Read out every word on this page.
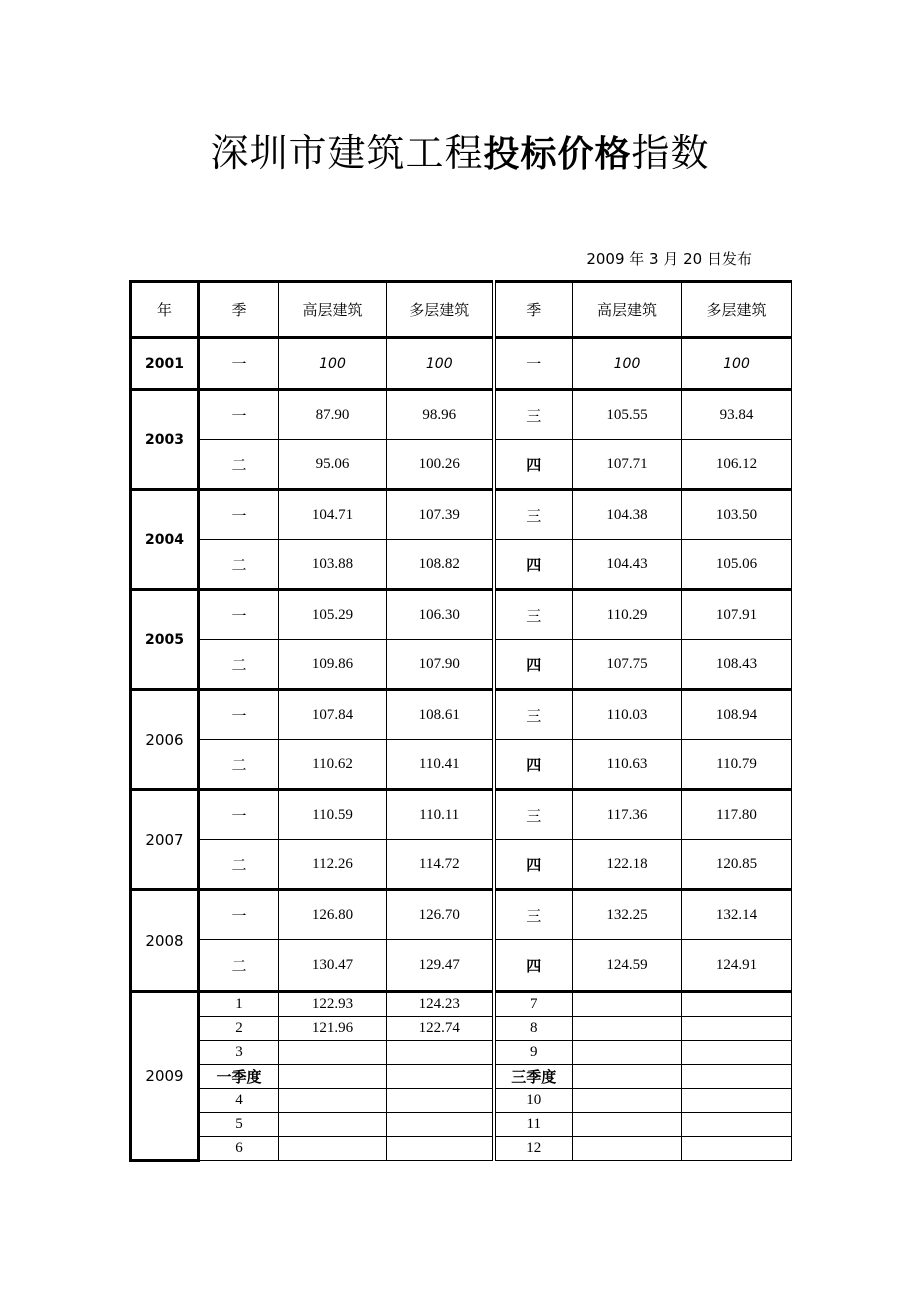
深圳市建筑工程投标价格指数
2009 年 3 月 20 日发布
年	季	高层建筑	多层建筑	季	高层建筑	多层建筑
2001	一	100	100	一	100	100
2003	一	87.90	98.96	三	105.55	93.84
	二	95.06	100.26	四	107.71	106.12
2004	一	104.71	107.39	三	104.38	103.50
	二	103.88	108.82	四	104.43	105.06
2005	一	105.29	106.30	三	110.29	107.91
	二	109.86	107.90	四	107.75	108.43
2006	一	107.84	108.61	三	110.03	108.94
	二	110.62	110.41	四	110.63	110.79
2007	一	110.59	110.11	三	117.36	117.80
	二	112.26	114.72	四	122.18	120.85
2008	一	126.80	126.70	三	132.25	132.14
	二	130.47	129.47	四	124.59	124.91
2009	1	122.93	124.23	7		
	2	121.96	122.74	8		
	3			9		
	一季度			三季度		
	4			10		
	5			11		
	6			12		
